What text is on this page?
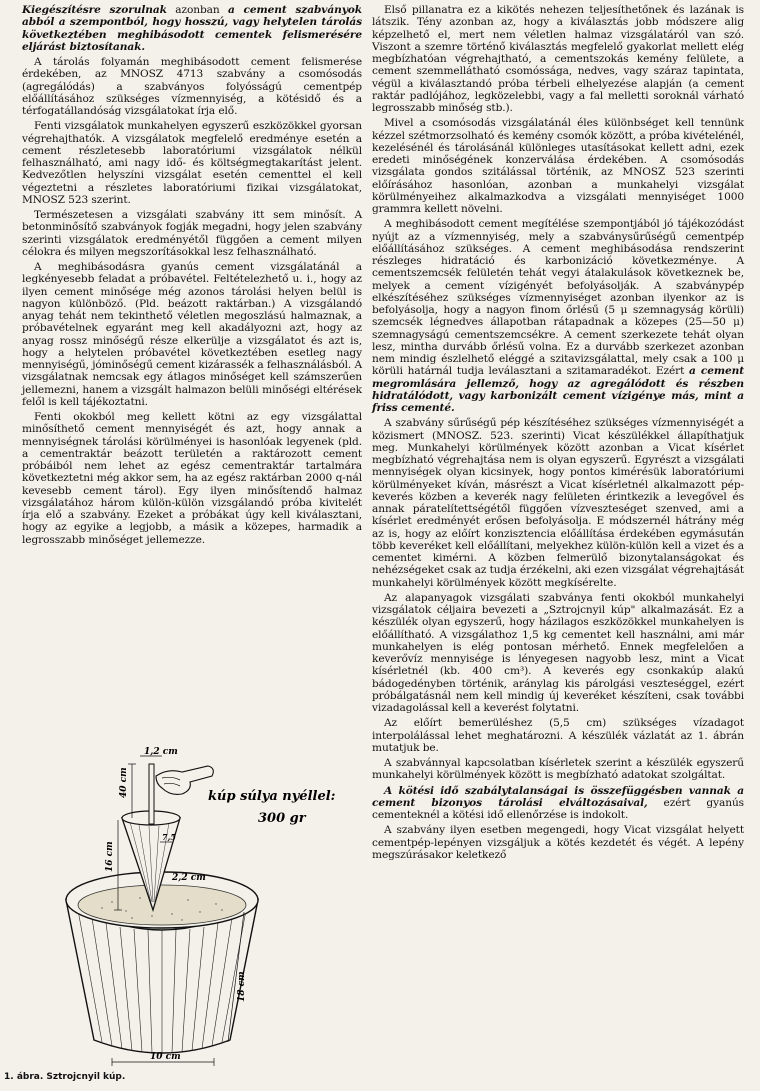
Kiegészítésre szorulnak azonban a cement szabványok abból a szempontból, hogy hosszú, vagy helytelen tárolás következtében meghibásodott cementek felismerésére eljárást biztosítanak.

A tárolás folyamán meghibásodott cement felismerése érdekében, az MNOSZ 4713 szabvány a csomósodás (agregálódás) a szabványos folyósságú cementpép előállításához szükséges vízmennyiség, a kötésidő és a térfogatállandóság vizsgálatokat írja elő.

Fenti vizsgálatok munkahelyen egyszerű eszközökkel gyorsan végrehajthatók. A vizsgálatok megfelelő eredménye esetén a cement részletesebb laboratóriumi vizsgálatok nélkül felhasználható, ami nagy idő- és költségmegtakarítást jelent. Kedvezőtlen helyszíni vizsgálat esetén cementtel el kell végeztetni a részletes laboratóriumi fizikai vizsgálatokat, MNOSZ 523 szerint.

Természetesen a vizsgálati szabvány itt sem minősít. A betonminősítő szabványok fogják megadni, hogy jelen szabvány szerinti vizsgálatok eredményétől függően a cement milyen célokra és milyen megszorításokkal lesz felhasználható.

A meghibásodásra gyanús cement vizsgálatánál a legkényesebb feladat a próbavétel. Feltételezhető u. i., hogy az ilyen cement minősége még azonos tárolási helyen belül is nagyon különböző. (Pld. beázott raktárban.) A vizsgálandó anyag tehát nem tekinthető véletlen megoszlású halmaznak, a próbavételnek egyaránt meg kell akadályozni azt, hogy az anyag rossz minőségű része elkerülje a vizsgálatot és azt is, hogy a helytelen próbavétel következtében esetleg nagy mennyiségű, jóminőségű cement kizárassék a felhasználásból. A vizsgálatnak nemcsak egy átlagos minőséget kell számszerűen jellemezni, hanem a vizsgált halmazon belüli minőségi eltérések felől is kell tájékoztatni.

Fenti okokból meg kellett kötni az egy vizsgálattal minősíthető cement mennyiségét és azt, hogy annak a mennyiségnek tárolási körülményei is hasonlóak legyenek (pld. a cementraktár beázott területén a raktározott cement próbáiból nem lehet az egész cementraktár tartalmára következtetni még akkor sem, ha az egész raktárban 2000 q-nál kevesebb cement tárol). Egy ilyen minősítendő halmaz vizsgálatához három külön-külön vizsgálandó próba kivitelét írja elő a szabvány. Ezeket a próbákat úgy kell kiválasztani, hogy az egyike a legjobb, a másik a közepes, harmadik a legrosszabb minőséget jellemezze.

Első pillanatra ez a kikötés nehezen teljesíthetőnek és lazának is látszik. Tény azonban az, hogy a kiválasztás jobb módszere alig képzelhető el, mert nem véletlen halmaz vizsgálatáról van szó. Viszont a szemre történő kiválasztás megfelelő gyakorlat mellett elég megbízhatóan végrehajtható, a cementszokás kemény felülete, a cement szemmellátható csomóssága, nedves, vagy száraz tapintata, végül a kiválasztandó próba térbeli elhelyezése alapján (a cement raktár padlójához, legközelebbi, vagy a fal melletti soroknál várható legrosszabb minőség stb.).

Mivel a csomósodás vizsgálatánál éles különbséget kell tennünk kézzel szétmorzsolható és kemény csomók között, a próba kivételénél, kezelésénél és tárolásánál különleges utasításokat kellett adni, ezek eredeti minőségének konzerválása érdekében. A csomósodás vizsgálata gondos szitálással történik, az MNOSZ 523 szerinti előírásához hasonlóan, azonban a munkahelyi vizsgálat körülményeihez alkalmazkodva a vizsgálati mennyiséget 1000 grammra kellett növelni.

A meghibásodott cement megítélése szempontjából jó tájékozódást nyújt az a vízmennyiség, mely a szabványsűrűségű cementpép előállításához szükséges. A cement meghibásodása rendszerint részleges hidratáció és karbonizáció következménye. A cementszemcsék felületén tehát vegyi átalakulások következnek be, melyek a cement vízigényét befolyásolják. A szabványpép elkészítéséhez szükséges vízmennyiséget azonban ilyenkor az is befolyásolja, hogy a nagyon finom őrlésű (5 μ szemnagyság körüli) szemcsék légnedves állapotban rátapadnak a közepes (25—50 μ) szemnagyságú cementszemcsékre. A cement szerkezete tehát olyan lesz, mintha durvább őrlésű volna. Ez a durvább szerkezet azonban nem mindig észlelhető eléggé a szitavizsgálattal, mely csak a 100 μ körüli határnál tudja leválasztani a szitamaradékot. Ezért a cement megromlására jellemző, hogy az agregálódott és részben hidratálódott, vagy karbonizált cement vízigénye más, mint a friss cementé.

A szabvány sűrűségű pép készítéséhez szükséges vízmennyiségét a közismert (MNOSZ. 523. szerinti) Vicat készülékkel állapíthatjuk meg. Munkahelyi körülmények között azonban a Vicat kísérlet megbízható végrehajtása nem is olyan egyszerű. Egyrészt a vizsgálati mennyiségek olyan kicsinyek, hogy pontos kimérésük laboratóriumi körülményeket kíván, másrészt a Vicat kísérletnél alkalmazott pép-keverés közben a keverék nagy felületen érintkezik a levegővel és annak páratelítettségétől függően vízveszteséget szenved, ami a kísérlet eredményét erősen befolyásolja. E módszernél hátrány még az is, hogy az előírt konzisztencia előállítása érdekében egymásután több keveréket kell előállítani, melyekhez külön-külön kell a vizet és a cementet kimérni. A közben felmerülő bizonytalanságokat és nehézségeket csak az tudja érzékelni, aki ezen vizsgálat végrehajtását munkahelyi körülmények között megkísérelte.

Az alapanyagok vizsgálati szabványa fenti okokból munkahelyi vizsgálatok céljaira bevezeti a „Sztrojcnyil kúp" alkalmazását. Ez a készülék olyan egyszerű, hogy házilagos eszközökkel munkahelyen is előállítható. A vizsgálathoz 1,5 kg cementet kell használni, ami már munkahelyen is elég pontosan mérhető. Ennek megfelelően a keverővíz mennyisége is lényegesen nagyobb lesz, mint a Vicat kísérletnél (kb. 400 cm³). A keverés egy csonkakúp alakú bádogedényben történik, aránylag kis párolgási veszteséggel, ezért próbálgatásnál nem kell mindig új keveréket készíteni, csak további vizadagolással kell a keverést folytatni.

Az előírt bemerüléshez (5,5 cm) szükséges vízadagot interpolálással lehet meghatározni. A készülék vázlatát az 1. ábrán mutatjuk be.

A szabvánnyal kapcsolatban kísérletek szerint a készülék egyszerű munkahelyi körülmények között is megbízható adatokat szolgáltat.

A kötési idő szabálytalanságai is összefüggésben vannak a cement bizonyos tárolási elváltozásaival, ezért gyanús cementeknél a kötési idő ellenőrzése is indokolt.

A szabvány ilyen esetben megengedi, hogy Vicat vizsgálat helyett cementpép-lepényen vizsgáljuk a kötés kezdetét és végét. A lepény megszúrásakor keletkező

1,2 cm
40 cm
7,5
16 cm
2,2 cm
18 cm
10 cm
kúp súlya nyéllel:
300 gr
1. ábra. Sztrojcnyil kúp.
